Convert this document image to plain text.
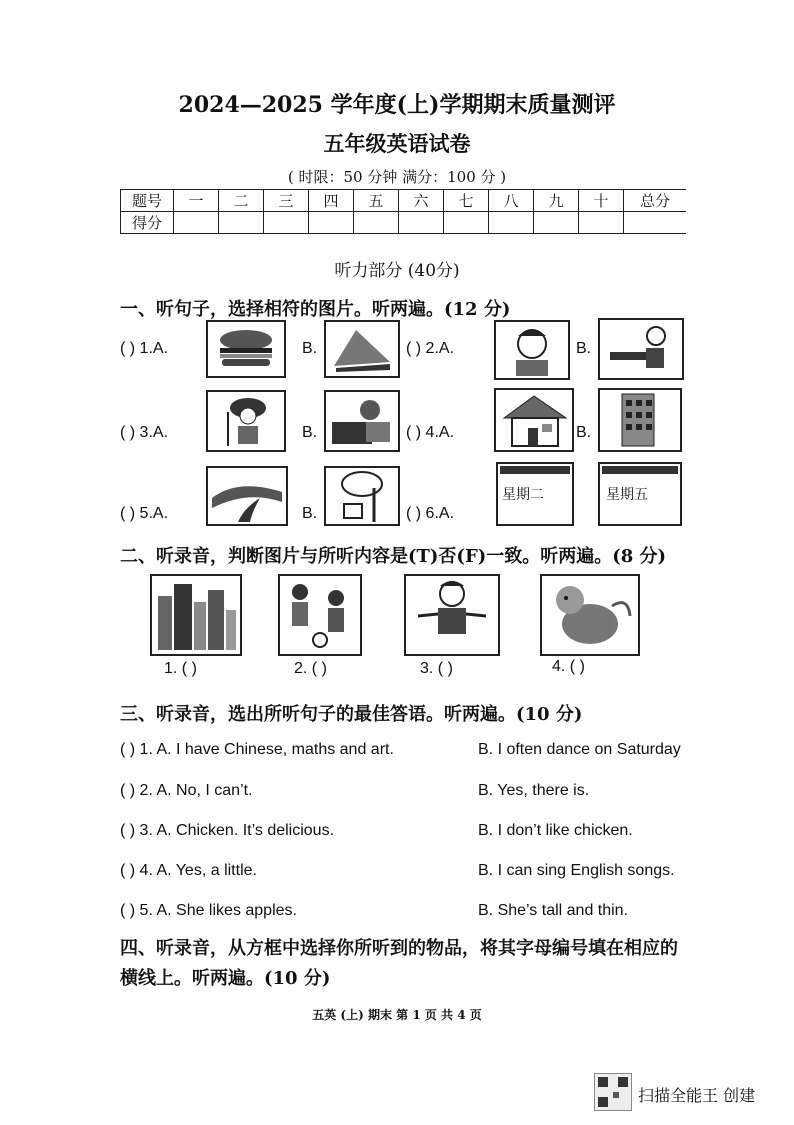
2024—2025 学年度(上)学期期末质量测评
五年级英语试卷
( 时限：50 分钟 满分：100 分 )
题号	一	二	三	四	五	六	七	八	九	十	总分
得分											
听力部分 (40分)
一、听句子，选择相符的图片。听两遍。(12 分)
( ) 1.A.	B.	( ) 2.A.	B.
( ) 3.A.	B.	( ) 4.A.	B.
( ) 5.A.	B.	( ) 6.A.
星期二	星期五
二、听录音，判断图片与所听内容是(T)否(F)一致。听两遍。(8 分)
1. ( )	2. ( )	3. ( )	4. ( )
三、听录音，选出所听句子的最佳答语。听两遍。(10 分)
( ) 1. A. I have Chinese, maths and art.	B. I often dance on Saturday
( ) 2. A. No, I can’t.	B. Yes, there is.
( ) 3. A. Chicken. It’s delicious.	B. I don’t like chicken.
( ) 4. A. Yes, a little.	B. I can sing English songs.
( ) 5. A. She likes apples.	B. She’s tall and thin.
四、听录音，从方框中选择你所听到的物品，将其字母编号填在相应的
横线上。听两遍。(10 分)
五英 (上) 期末 第 1 页 共 4 页
扫描全能王 创建
